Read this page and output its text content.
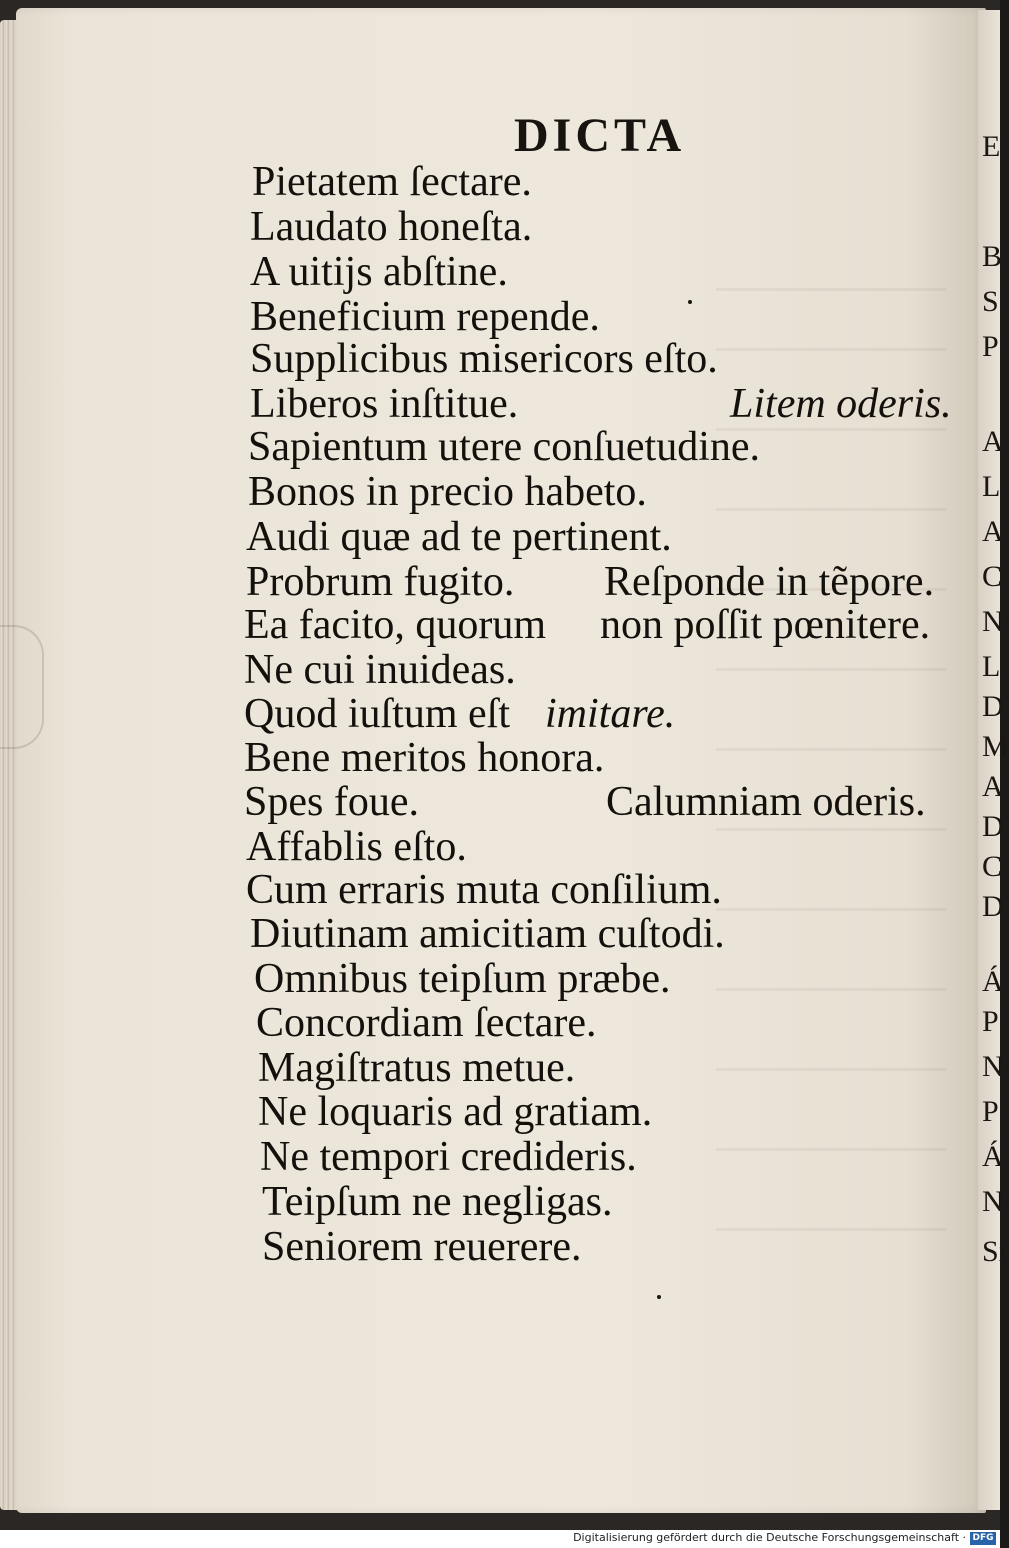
E
B
S
P
A
L
A
C
N
L
D
M
A
D
C
D
Á
P
N
P
Á
N
Si
DICTA
Pietatem ſectare.
Laudato honeſta.
A uitijs abſtine.
Beneficium rependе.
Supplicibus misericors eſto.
Liberos inſtitue.	Litem oderis.
Sapientum utere conſuetudine.
Bonos in precio habeto.
Audi quæ ad te pertinent.
Probrum fugito. Reſponde in tẽpore.
Ea facito, quorum non poſſit pœnitere.
Ne cui inuideas.
Quod iuſtum eſt imitare.
Bene meritos honora.
Spes foue.	Calumniam oderis.
Affablis eſto.
Cum erraris muta conſilium.
Diutinam amicitiam cuſtodi.
Omnibus teipſum præbe.
Concordiam ſectare.
Magiſtratus metue.
Ne loquaris ad gratiam.
Ne tempori credideris.
Teipſum ne negligas.
Seniorem reuerere.
Digitalisierung gefördert durch die Deutsche Forschungsgemeinschaft · DFG
